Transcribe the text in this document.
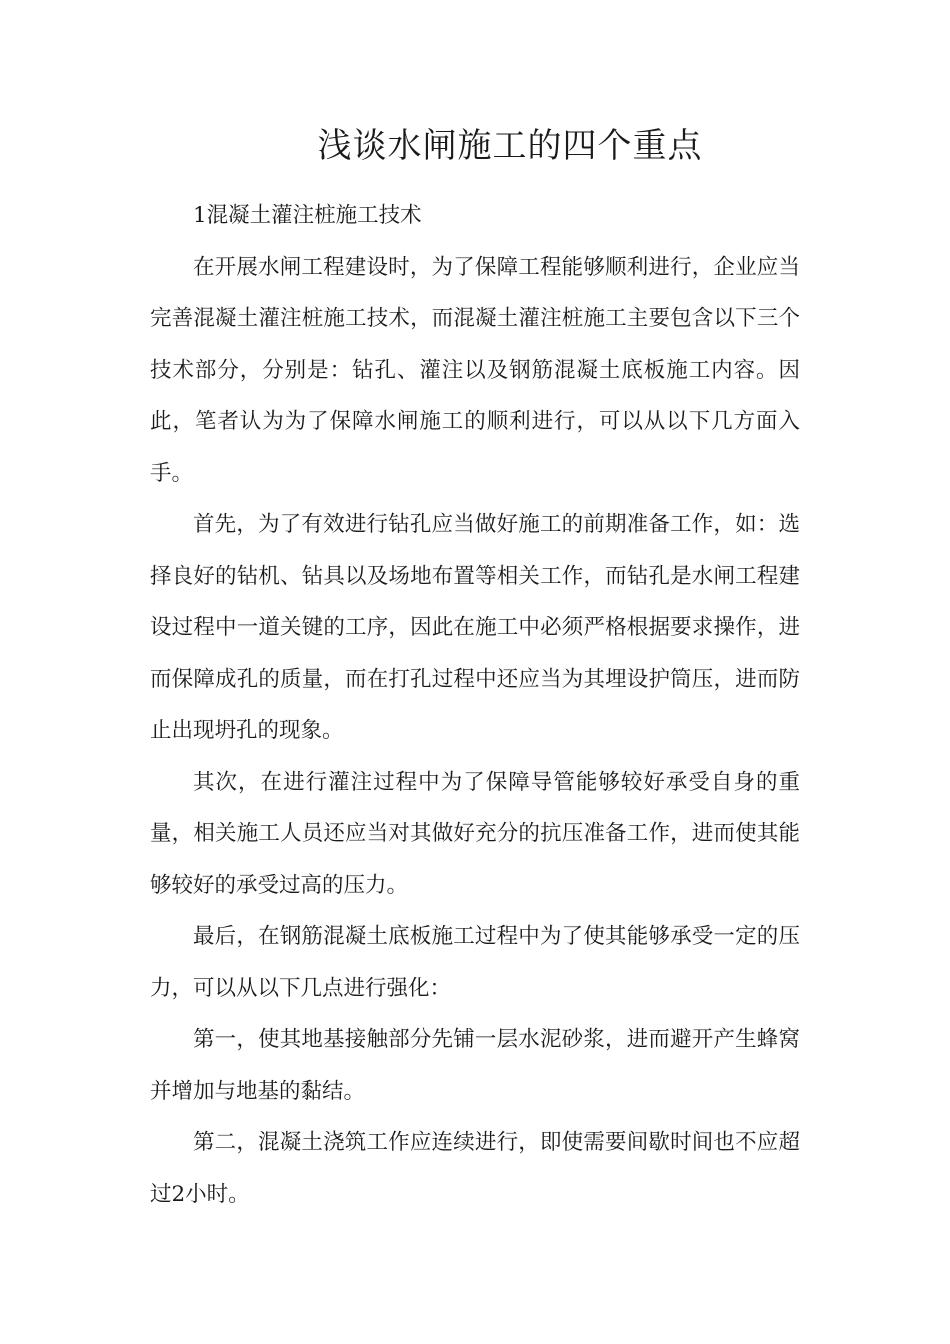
浅谈水闸施工的四个重点

1混凝土灌注桩施工技术

在开展水闸工程建设时，为了保障工程能够顺利进行，企业应当完善混凝土灌注桩施工技术，而混凝土灌注桩施工主要包含以下三个技术部分，分别是：钻孔、灌注以及钢筋混凝土底板施工内容。因此，笔者认为为了保障水闸施工的顺利进行，可以从以下几方面入手。

首先，为了有效进行钻孔应当做好施工的前期准备工作，如：选择良好的钻机、钻具以及场地布置等相关工作，而钻孔是水闸工程建设过程中一道关键的工序，因此在施工中必须严格根据要求操作，进而保障成孔的质量，而在打孔过程中还应当为其埋设护筒压，进而防止出现坍孔的现象。

其次，在进行灌注过程中为了保障导管能够较好承受自身的重量，相关施工人员还应当对其做好充分的抗压准备工作，进而使其能够较好的承受过高的压力。

最后，在钢筋混凝土底板施工过程中为了使其能够承受一定的压力，可以从以下几点进行强化：

第一，使其地基接触部分先铺一层水泥砂浆，进而避开产生蜂窝并增加与地基的黏结。

第二，混凝土浇筑工作应连续进行，即使需要间歇时间也不应超过2小时。
